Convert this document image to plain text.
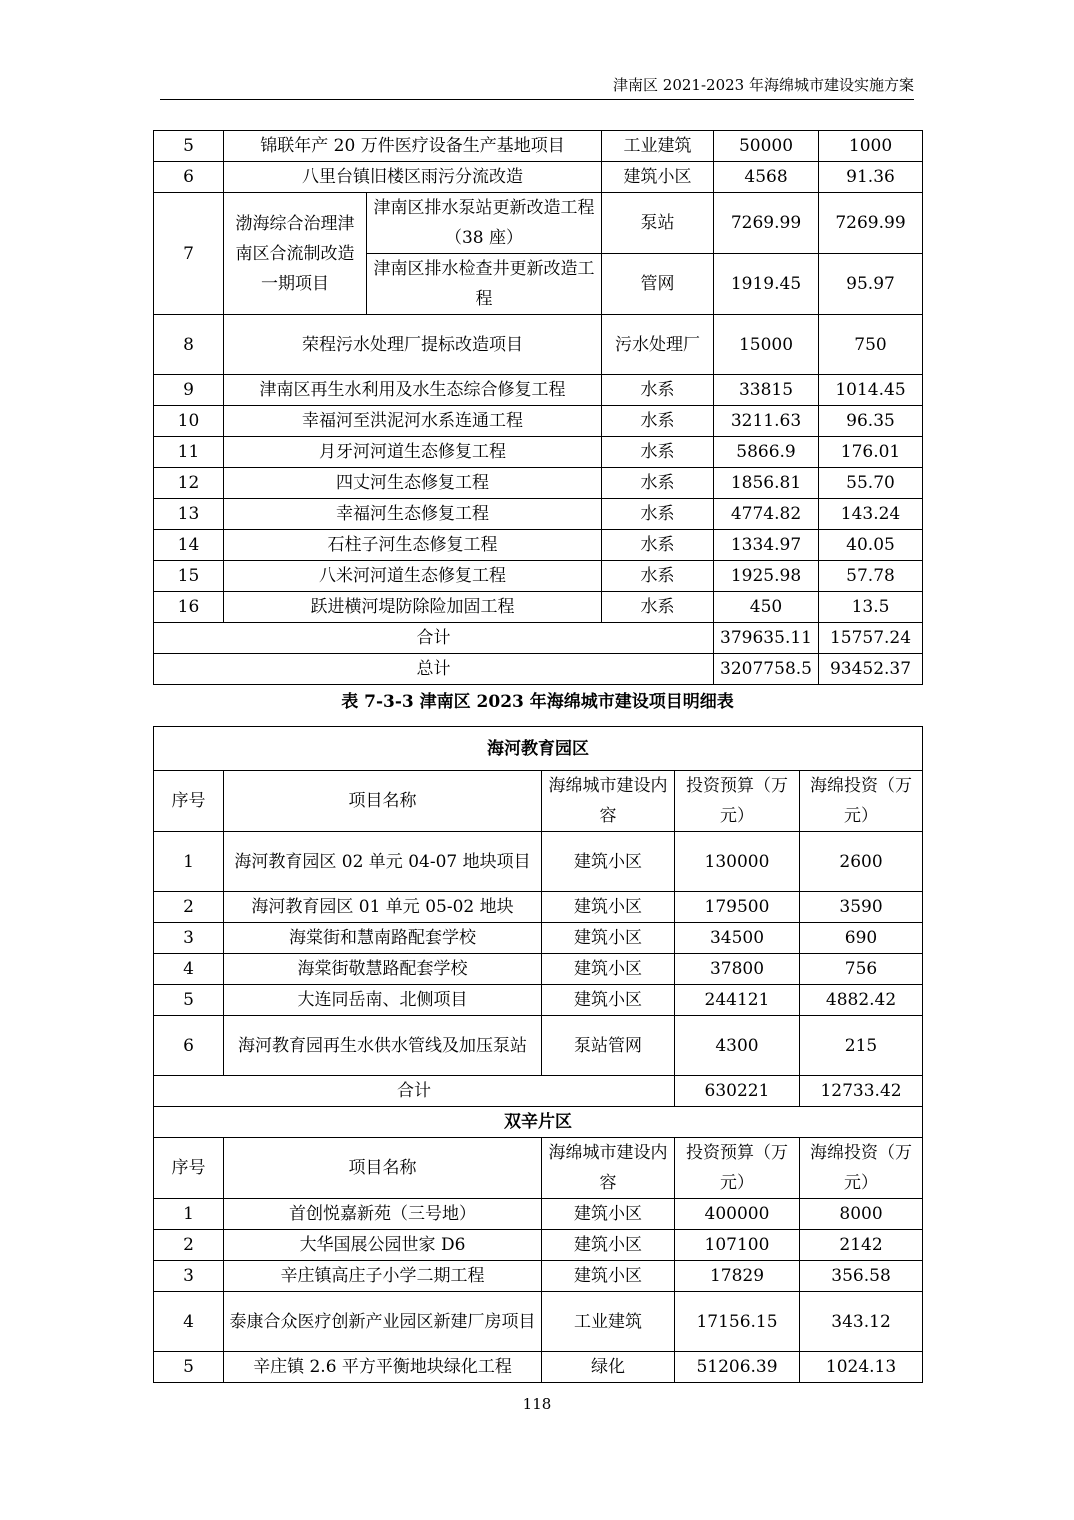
津南区 2021-2023 年海绵城市建设实施方案
5	锦联年产 20 万件医疗设备生产基地项目		工业建筑	50000	1000
6	八里台镇旧楼区雨污分流改造		建筑小区	4568	91.36
7	渤海综合治理津南区合流制改造一期项目	津南区排水泵站更新改造工程（38 座）	泵站	7269.99	7269.99
		津南区排水检查井更新改造工程	管网	1919.45	95.97
8	荣程污水处理厂提标改造项目		污水处理厂	15000	750
9	津南区再生水利用及水生态综合修复工程		水系	33815	1014.45
10	幸福河至洪泥河水系连通工程		水系	3211.63	96.35
11	月牙河河道生态修复工程		水系	5866.9	176.01
12	四丈河生态修复工程		水系	1856.81	55.70
13	幸福河生态修复工程		水系	4774.82	143.24
14	石柱子河生态修复工程		水系	1334.97	40.05
15	八米河河道生态修复工程		水系	1925.98	57.78
16	跃进横河堤防除险加固工程		水系	450	13.5
合计				379635.11	15757.24
总计				3207758.5	93452.37
表 7-3-3 津南区 2023 年海绵城市建设项目明细表
海河教育园区				
序号	项目名称	海绵城市建设内容	投资预算（万元）	海绵投资（万元）
1	海河教育园区 02 单元 04-07 地块项目	建筑小区	130000	2600
2	海河教育园区 01 单元 05-02 地块	建筑小区	179500	3590
3	海棠街和慧南路配套学校	建筑小区	34500	690
4	海棠街敬慧路配套学校	建筑小区	37800	756
5	大连同岳南、北侧项目	建筑小区	244121	4882.42
6	海河教育园再生水供水管线及加压泵站	泵站管网	4300	215
合计			630221	12733.42
双辛片区				
序号	项目名称	海绵城市建设内容	投资预算（万元）	海绵投资（万元）
1	首创悦嘉新苑（三号地）	建筑小区	400000	8000
2	大华国展公园世家 D6	建筑小区	107100	2142
3	辛庄镇高庄子小学二期工程	建筑小区	17829	356.58
4	泰康合众医疗创新产业园区新建厂房项目	工业建筑	17156.15	343.12
5	辛庄镇 2.6 平方平衡地块绿化工程	绿化	51206.39	1024.13
118
